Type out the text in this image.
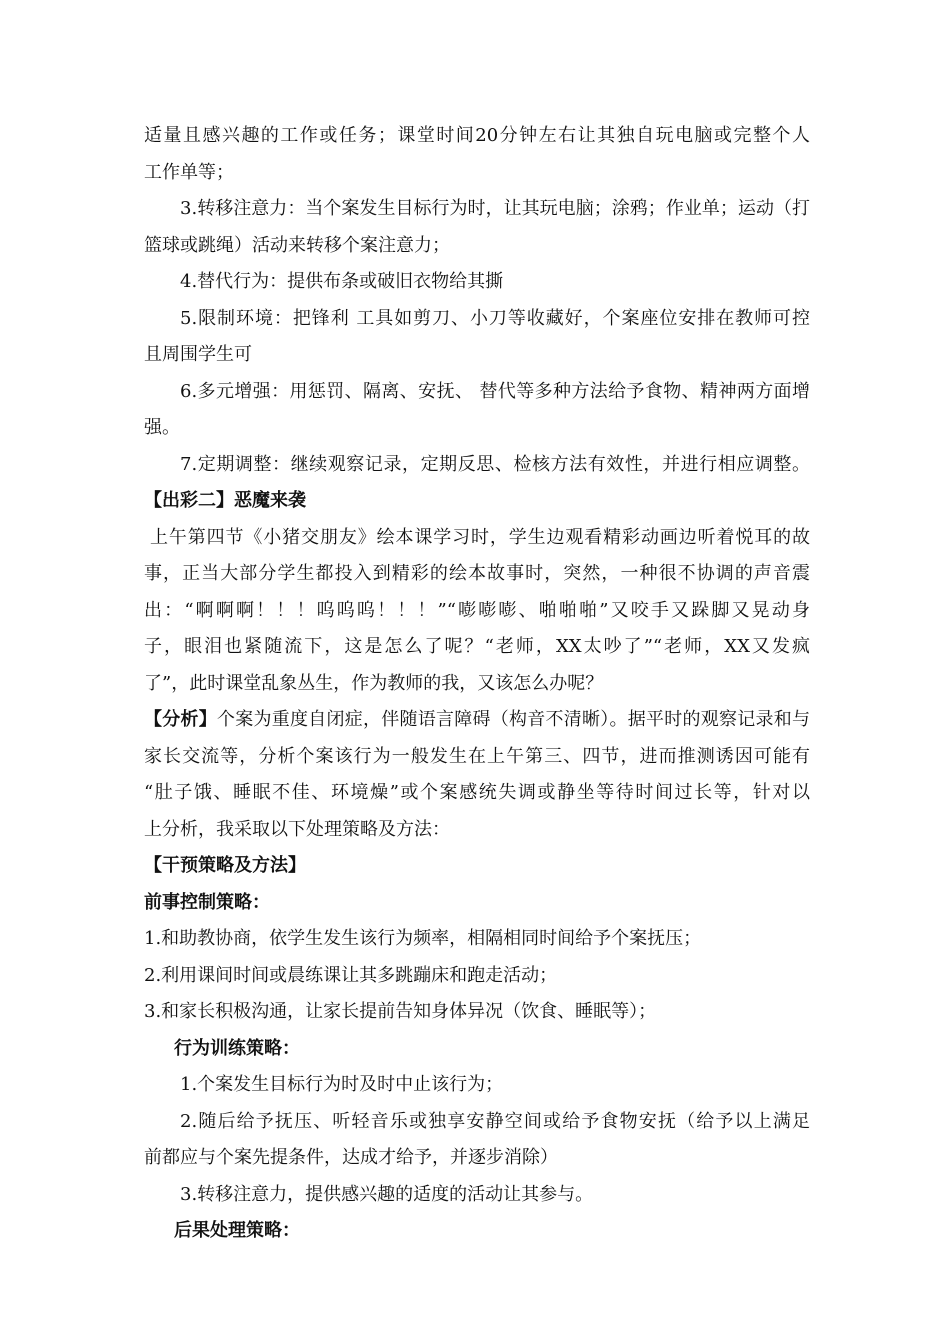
适量且感兴趣的工作或任务；课堂时间20分钟左右让其独自玩电脑或完整个人
工作单等；
3.转移注意力：当个案发生目标行为时，让其玩电脑；涂鸦；作业单；运动（打
篮球或跳绳）活动来转移个案注意力；
4.替代行为：提供布条或破旧衣物给其撕
5.限制环境：把锋利 工具如剪刀、小刀等收藏好，个案座位安排在教师可控
且周围学生可
6.多元增强：用惩罚、隔离、安抚、 替代等多种方法给予食物、精神两方面增
强。
7.定期调整：继续观察记录，定期反思、检核方法有效性，并进行相应调整。
【出彩二】恶魔来袭
上午第四节《小猪交朋友》绘本课学习时，学生边观看精彩动画边听着悦耳的故
事，正当大部分学生都投入到精彩的绘本故事时，突然，一种很不协调的声音震
出：“啊啊啊！！！呜呜呜！！！”“嘭嘭嘭、啪啪啪”又咬手又跺脚又晃动身
子，眼泪也紧随流下，这是怎么了呢？“老师，XX太吵了”“老师，XX又发疯
了”，此时课堂乱象丛生，作为教师的我，又该怎么办呢？
【分析】个案为重度自闭症，伴随语言障碍（构音不清晰）。据平时的观察记录和与
家长交流等，分析个案该行为一般发生在上午第三、四节，进而推测诱因可能有
“肚子饿、睡眠不佳、环境燥”或个案感统失调或静坐等待时间过长等，针对以
上分析，我采取以下处理策略及方法：
【干预策略及方法】
前事控制策略：
1.和助教协商，依学生发生该行为频率，相隔相同时间给予个案抚压；
2.利用课间时间或晨练课让其多跳蹦床和跑走活动；
3.和家长积极沟通，让家长提前告知身体异况（饮食、睡眠等）；
行为训练策略：
1.个案发生目标行为时及时中止该行为；
2.随后给予抚压、听轻音乐或独享安静空间或给予食物安抚（给予以上满足
前都应与个案先提条件，达成才给予，并逐步消除）
3.转移注意力，提供感兴趣的适度的活动让其参与。
后果处理策略：
